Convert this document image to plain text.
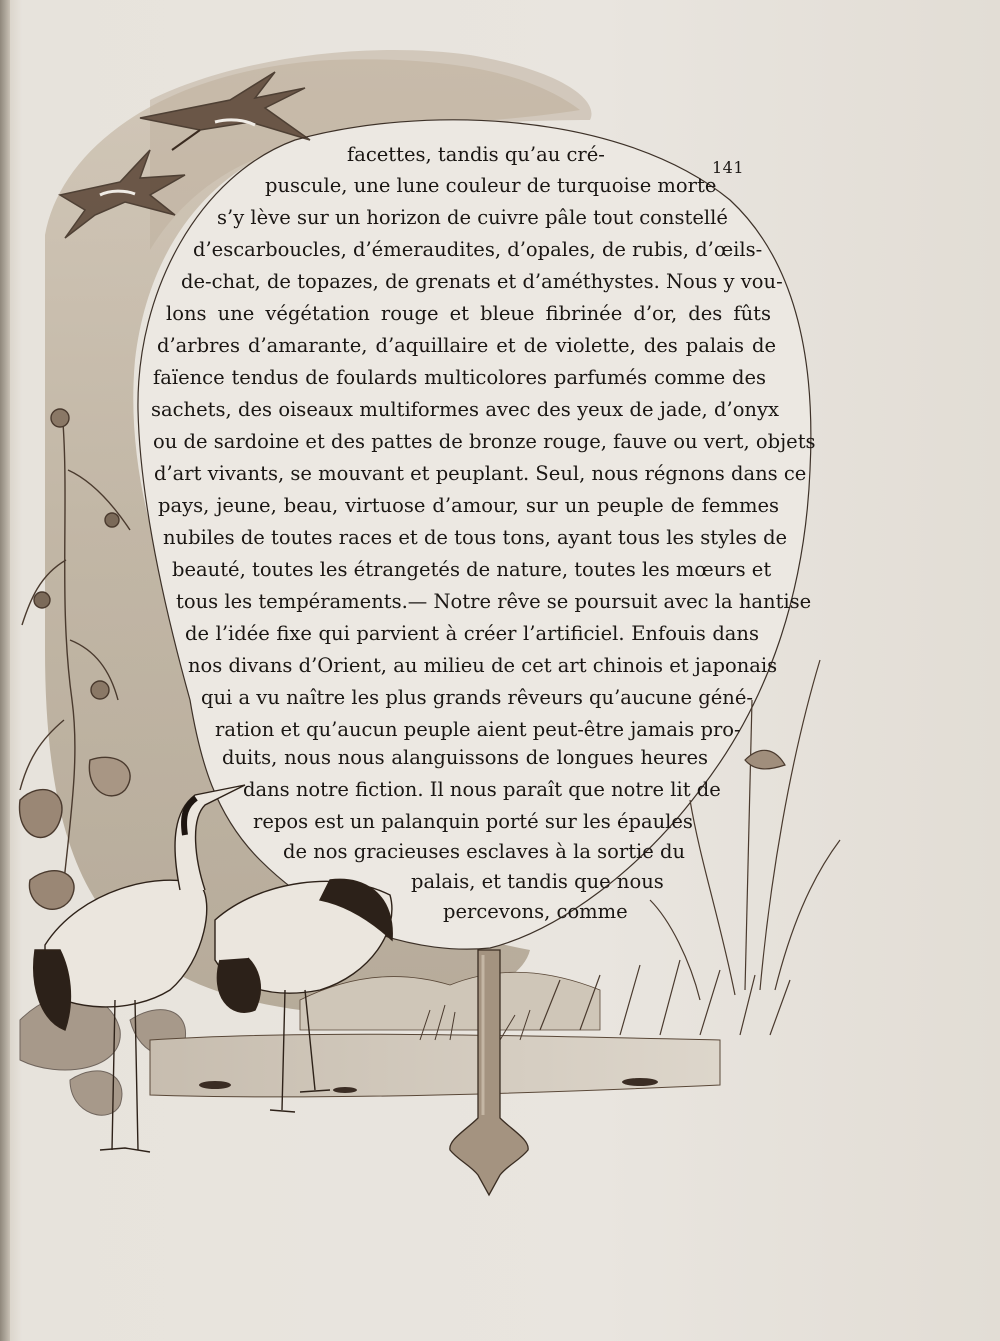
141
facettes, tandis qu’au cré-
puscule, une lune couleur de turquoise morte
s’y lève sur un horizon de cuivre pâle tout constellé
d’escarboucles, d’émeraudites, d’opales, de rubis, d’œils-
de-chat, de topazes, de grenats et d’améthystes. Nous y vou-
lons une végétation rouge et bleue fibrinée d’or, des fûts
d’arbres d’amarante, d’aquillaire et de violette, des palais de
faïence tendus de foulards multicolores parfumés comme des
sachets, des oiseaux multiformes avec des yeux de jade, d’onyx
ou de sardoine et des pattes de bronze rouge, fauve ou vert, objets
d’art vivants, se mouvant et peuplant. Seul, nous régnons dans ce
pays, jeune, beau, virtuose d’amour, sur un peuple de femmes
nubiles de toutes races et de tous tons, ayant tous les styles de
beauté, toutes les étrangetés de nature, toutes les mœurs et
tous les tempéraments.— Notre rêve se poursuit avec la hantise
de l’idée fixe qui parvient à créer l’artificiel. Enfouis dans
nos divans d’Orient, au milieu de cet art chinois et japonais
qui a vu naître les plus grands rêveurs qu’aucune géné-
ration et qu’aucun peuple aient peut-être jamais pro-
duits, nous nous alanguissons de longues heures
dans notre fiction. Il nous paraît que notre lit de
repos est un palanquin porté sur les épaules
de nos gracieuses esclaves à la sortie du
palais, et tandis que nous
percevons, comme
